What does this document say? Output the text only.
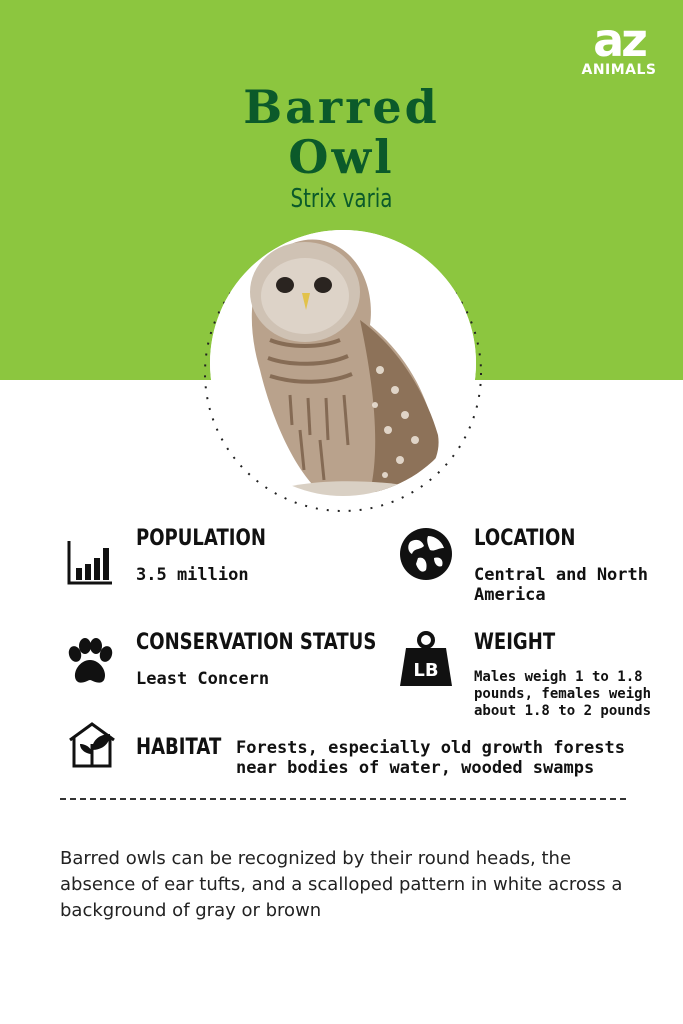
az
ANIMALS
Barred
Owl
Strix varia
POPULATION
3.5 million
LOCATION
Central and North America
CONSERVATION STATUS
Least Concern	LB
WEIGHT
Males weigh 1 to 1.8 pounds, females weigh about 1.8 to 2 pounds
HABITAT Forests, especially old growth forests near bodies of water, wooded swamps

Barred owls can be recognized by their round heads, the absence of ear tufts, and a scalloped pattern in white across a background of gray or brown
